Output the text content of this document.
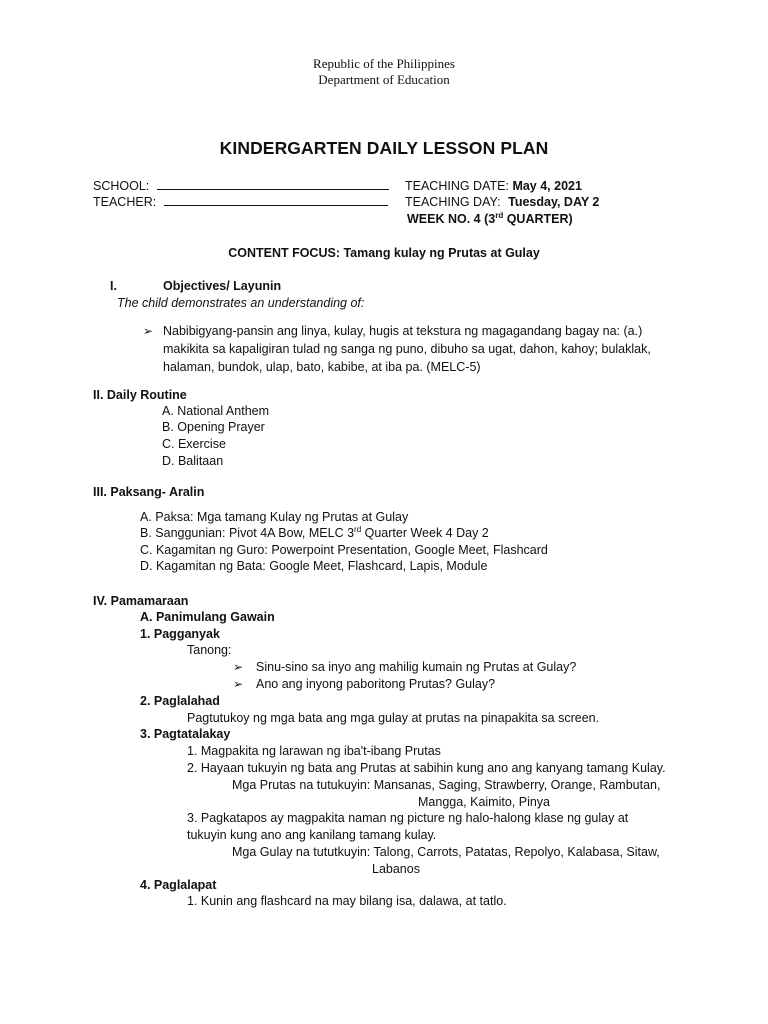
Republic of the Philippines
Department of Education
KINDERGARTEN DAILY LESSON PLAN
SCHOOL:
TEACHER:
TEACHING DATE: May 4, 2021
TEACHING DAY: Tuesday, DAY 2
WEEK NO. 4 (3rd QUARTER)
CONTENT FOCUS: Tamang kulay ng Prutas at Gulay
I.	Objectives/ Layunin
The child demonstrates an understanding of:
➢ Nabibigyang-pansin ang linya, kulay, hugis at tekstura ng magagandang bagay na: (a.)
makikita sa kapaligiran tulad ng sanga ng puno, dibuho sa ugat, dahon, kahoy; bulaklak,
halaman, bundok, ulap, bato, kabibe, at iba pa. (MELC-5)
II. Daily Routine
A. National Anthem
B. Opening Prayer
C. Exercise
D. Balitaan
III. Paksang- Aralin
A. Paksa: Mga tamang Kulay ng Prutas at Gulay
B. Sanggunian: Pivot 4A Bow, MELC 3rd Quarter Week 4 Day 2
C. Kagamitan ng Guro: Powerpoint Presentation, Google Meet, Flashcard
D. Kagamitan ng Bata: Google Meet, Flashcard, Lapis, Module
IV. Pamamaraan
A. Panimulang Gawain
1. Pagganyak
Tanong:
➢	Sinu-sino sa inyo ang mahilig kumain ng Prutas at Gulay?
➢	Ano ang inyong paboritong Prutas? Gulay?
2. Paglalahad
Pagtutukoy ng mga bata ang mga gulay at prutas na pinapakita sa screen.
3. Pagtatalakay
1. Magpakita ng larawan ng iba't-ibang Prutas
2. Hayaan tukuyin ng bata ang Prutas at sabihin kung ano ang kanyang tamang Kulay.
Mga Prutas na tutukuyin: Mansanas, Saging, Strawberry, Orange, Rambutan,
Mangga, Kaimito, Pinya
3. Pagkatapos ay magpakita naman ng picture ng halo-halong klase ng gulay at
tukuyin kung ano ang kanilang tamang kulay.
Mga Gulay na tututkuyin: Talong, Carrots, Patatas, Repolyo, Kalabasa, Sitaw,
Labanos
4. Paglalapat
1. Kunin ang flashcard na may bilang isa, dalawa, at tatlo.
